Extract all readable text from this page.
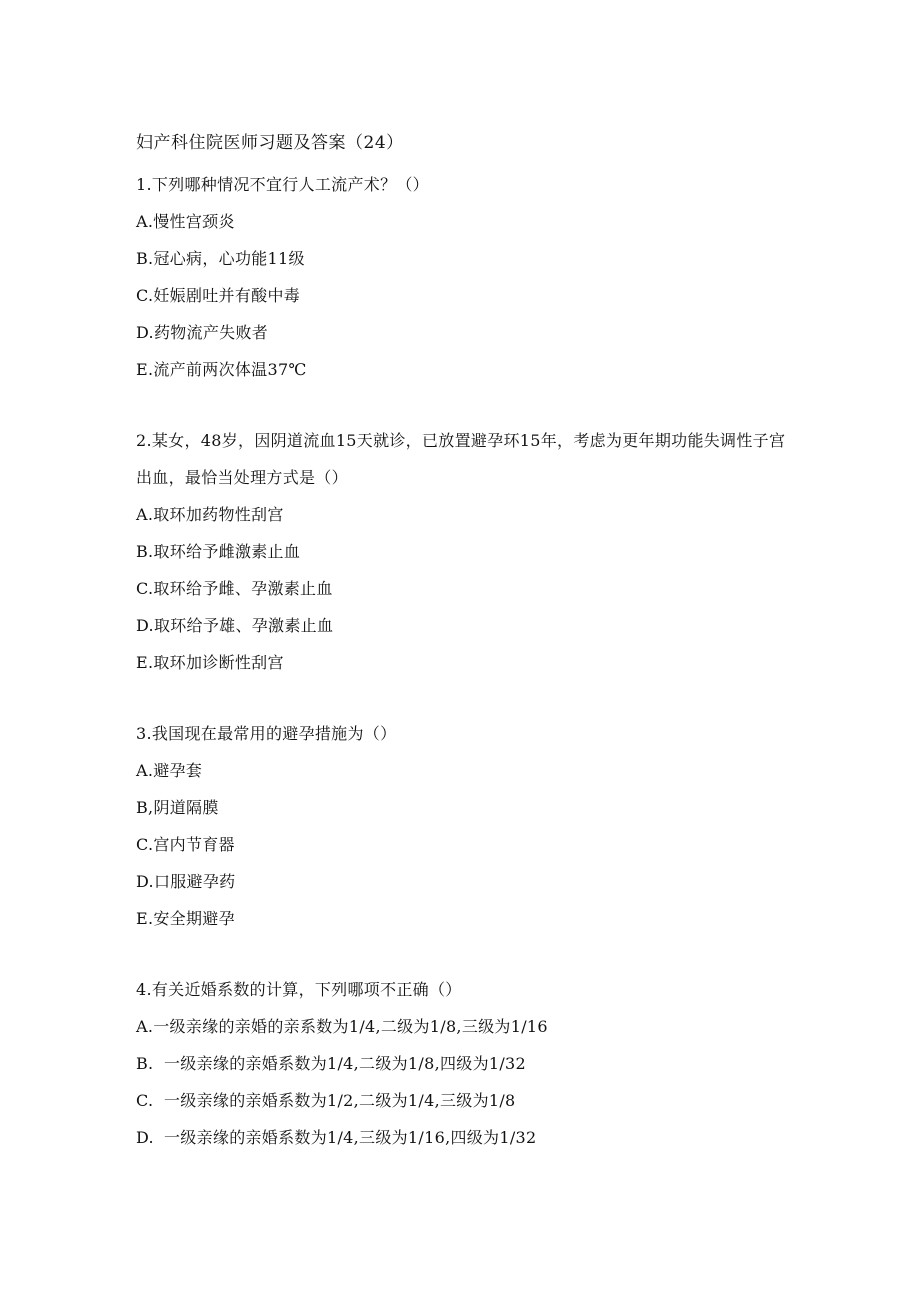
妇产科住院医师习题及答案（24）
1.下列哪种情况不宜行人工流产术？（）
A.慢性宫颈炎
B.冠心病，心功能11级
C.妊娠剧吐并有酸中毒
D.药物流产失败者
E.流产前两次体温37℃
2.某女，48岁，因阴道流血15天就诊，已放置避孕环15年，考虑为更年期功能失调性子宫出血，最恰当处理方式是（）
A.取环加药物性刮宫
B.取环给予雌激素止血
C.取环给予雌、孕激素止血
D.取环给予雄、孕激素止血
E.取环加诊断性刮宫
3.我国现在最常用的避孕措施为（）
A.避孕套
B,阴道隔膜
C.宫内节育器
D.口服避孕药
E.安全期避孕
4.有关近婚系数的计算，下列哪项不正确（）
A.一级亲缘的亲婚的亲系数为1/4,二级为1/8,三级为1/16
B. 一级亲缘的亲婚系数为1/4,二级为1/8,四级为1/32
C. 一级亲缘的亲婚系数为1/2,二级为1/4,三级为1/8
D. 一级亲缘的亲婚系数为1/4,三级为1/16,四级为1/32
